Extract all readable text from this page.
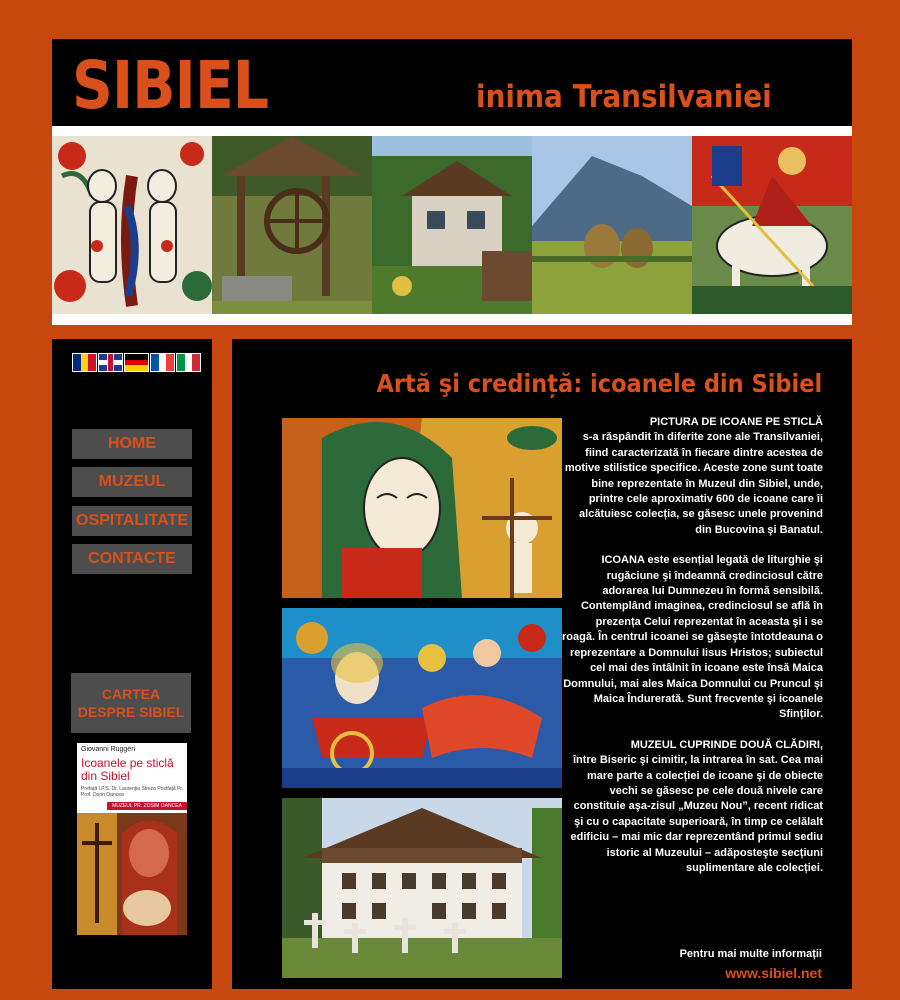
SIBIEL	inima Transilvaniei
HOME
MUZEUL
OSPITALITATE
CONTACTE
CARTEA
DESPRE SIBIEL
Giovanni Ruggeri
Icoanele pe sticlă din Sibiel
Prefață I.P.S. Dr. Laurențiu Streza Postfață Pr. Prof. Dorin Oancea
MUZEUL PR. ZOSIM OANCEA
Artă şi credință: icoanele din Sibiel

PICTURA DE ICOANE PE STICLĂ
s-a răspândit în diferite zone ale Transilvaniei, fiind caracterizată în fiecare dintre acestea de motive stilistice specifice. Aceste zone sunt toate bine reprezentate în Muzeul din Sibiel, unde, printre cele aproximativ 600 de icoane care îi alcătuiesc colecția, se găsesc unele provenind din Bucovina şi Banatul.

ICOANA este esențial legată de liturghie şi rugăciune şi îndeamnă credinciosul către adorarea lui Dumnezeu în formă sensibilă. Contemplând imaginea, credinciosul se află în prezența Celui reprezentat în aceasta şi i se roagă. În centrul icoanei se găseşte întotdeauna o reprezentare a Domnului Iisus Hristos; subiectul cel mai des întâlnit în icoane este însă Maica Domnului, mai ales Maica Domnului cu Pruncul şi Maica Îndurerată. Sunt frecvente şi icoanele Sfinților.

MUZEUL CUPRINDE DOUĂ CLĂDIRI,
între Biseric şi cimitir, la intrarea în sat. Cea mai mare parte a colecției de icoane şi de obiecte vechi se găsesc pe cele două nivele care constituie aşa-zisul „Muzeu Nou”, recent ridicat şi cu o capacitate superioară, în timp ce celălalt edificiu – mai mic dar reprezentând primul sediu istoric al Muzeului – adăposteşte secțiuni suplimentare ale colecției.

Pentru mai multe informații
www.sibiel.net
